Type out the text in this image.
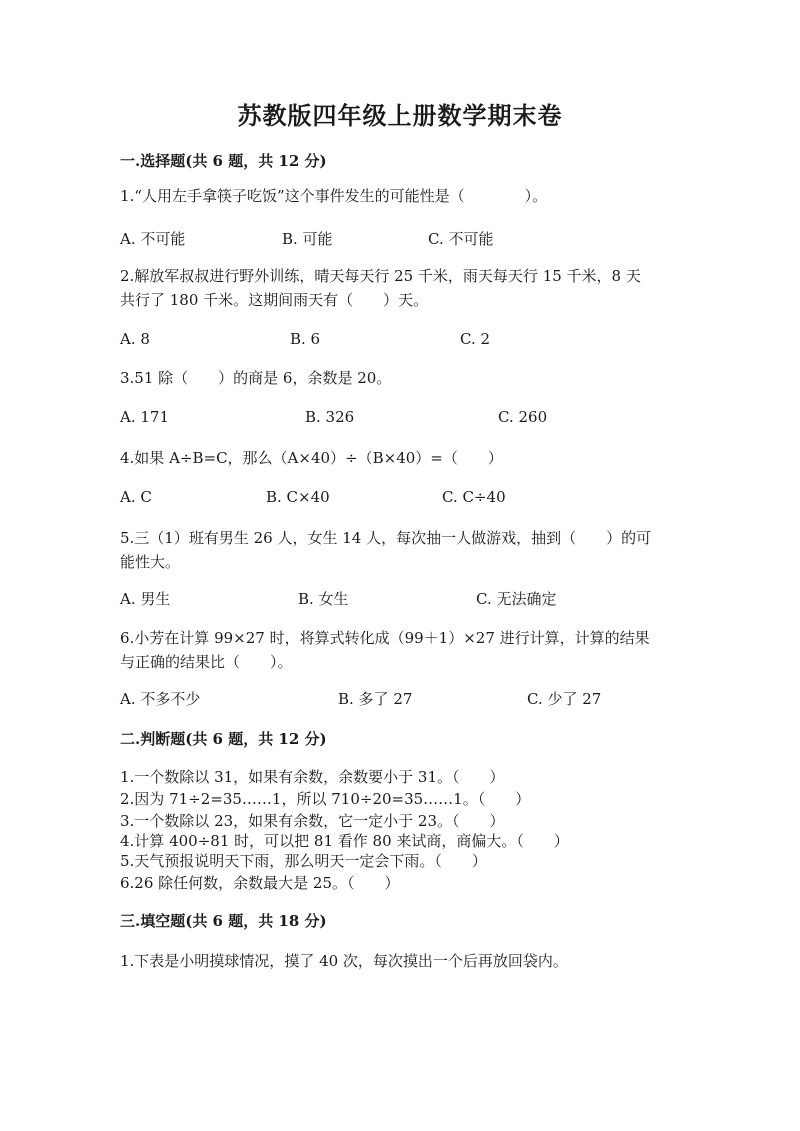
苏教版四年级上册数学期末卷
一.选择题(共 6 题，共 12 分)
1.“人用左手拿筷子吃饭”这个事件发生的可能性是（　　　　）。
A. 不可能	B. 可能	C. 不可能
2.解放军叔叔进行野外训练，晴天每天行 25 千米，雨天每天行 15 千米，8 天
共行了 180 千米。这期间雨天有（　　）天。
A. 8	B. 6	C. 2
3.51 除（　　）的商是 6，余数是 20。
A. 171	B. 326	C. 260
4.如果 A÷B=C，那么（A×40）÷（B×40）=（　　）
A. C	B. C×40	C. C÷40
5.三（1）班有男生 26 人，女生 14 人，每次抽一人做游戏，抽到（　　）的可
能性大。
A. 男生	B. 女生	C. 无法确定
6.小芳在计算 99×27 时，将算式转化成（99＋1）×27 进行计算，计算的结果
与正确的结果比（　　）。
A. 不多不少	B. 多了 27	C. 少了 27
二.判断题(共 6 题，共 12 分)
1.一个数除以 31，如果有余数，余数要小于 31。（　　）
2.因为 71÷2=35……1，所以 710÷20=35……1。（　　）
3.一个数除以 23，如果有余数，它一定小于 23。（　　）
4.计算 400÷81 时，可以把 81 看作 80 来试商，商偏大。（　　）
5.天气预报说明天下雨，那么明天一定会下雨。（　　）
6.26 除任何数，余数最大是 25。（　　）
三.填空题(共 6 题，共 18 分)
1.下表是小明摸球情况，摸了 40 次，每次摸出一个后再放回袋内。
